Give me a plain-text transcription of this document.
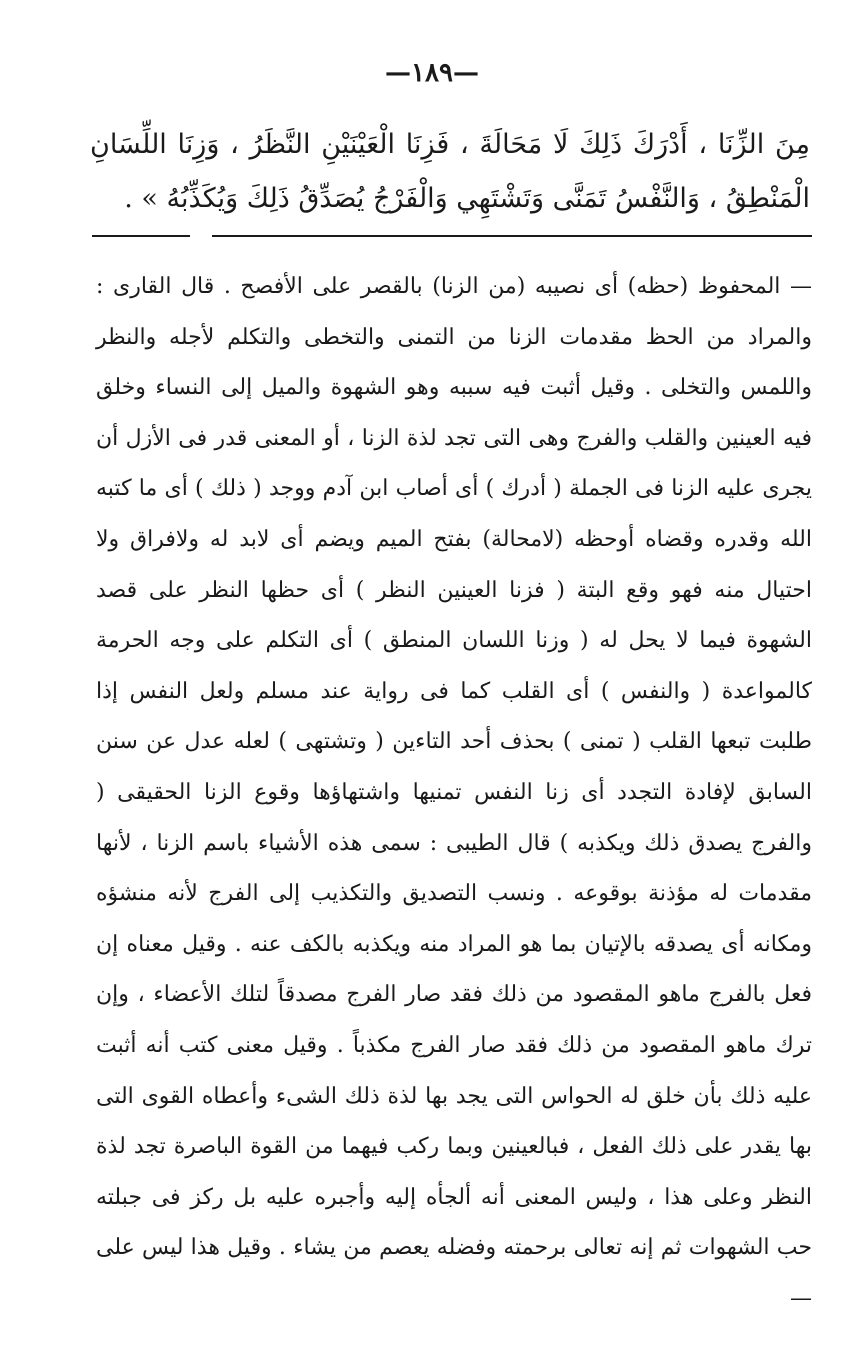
—١٨٩—
مِنَ الزِّنَا ، أَدْرَكَ ذَلِكَ لَا مَحَالَةَ ، فَزِنَا الْعَيْنَيْنِ النَّظَرُ ، وَزِنَا اللِّسَانِ الْمَنْطِقُ ، وَالنَّفْسُ تَمَنَّى وَتَشْتَهِي وَالْفَرْجُ يُصَدِّقُ ذَلِكَ وَيُكَذِّبُهُ » .
— المحفوظ (حظه) أى نصيبه (من الزنا) بالقصر على الأفصح . قال القارى : والمراد من الحظ مقدمات الزنا من التمنى والتخطى والتكلم لأجله والنظر واللمس والتخلى . وقيل أثبت فيه سببه وهو الشهوة والميل إلى النساء وخلق فيه العينين والقلب والفرج وهى التى تجد لذة الزنا ، أو المعنى قدر فى الأزل أن يجرى عليه الزنا فى الجملة ( أدرك ) أى أصاب ابن آدم ووجد ( ذلك ) أى ما كتبه الله وقدره وقضاه أوحظه (لامحالة) بفتح الميم ويضم أى لابد له ولافراق ولا احتيال منه فهو وقع البتة ( فزنا العينين النظر ) أى حظها النظر على قصد الشهوة فيما لا يحل له ( وزنا اللسان المنطق ) أى التكلم على وجه الحرمة كالمواعدة ( والنفس ) أى القلب كما فى رواية عند مسلم ولعل النفس إذا طلبت تبعها القلب ( تمنى ) بحذف أحد التاءين ( وتشتهى ) لعله عدل عن سنن السابق لإفادة التجدد أى زنا النفس تمنيها واشتهاؤها وقوع الزنا الحقيقى ( والفرج يصدق ذلك ويكذبه ) قال الطيبى : سمى هذه الأشياء باسم الزنا ، لأنها مقدمات له مؤذنة بوقوعه . ونسب التصديق والتكذيب إلى الفرج لأنه منشؤه ومكانه أى يصدقه بالإتيان بما هو المراد منه ويكذبه بالكف عنه . وقيل معناه إن فعل بالفرج ماهو المقصود من ذلك فقد صار الفرج مصدقاً لتلك الأعضاء ، وإن ترك ماهو المقصود من ذلك فقد صار الفرج مكذباً . وقيل معنى كتب أنه أثبت عليه ذلك بأن خلق له الحواس التى يجد بها لذة ذلك الشىء وأعطاه القوى التى بها يقدر على ذلك الفعل ، فبالعينين وبما ركب فيهما من القوة الباصرة تجد لذة النظر وعلى هذا ، وليس المعنى أنه ألجأه إليه وأجبره عليه بل ركز فى جبلته حب الشهوات ثم إنه تعالى برحمته وفضله يعصم من يشاء . وقيل هذا ليس على —
